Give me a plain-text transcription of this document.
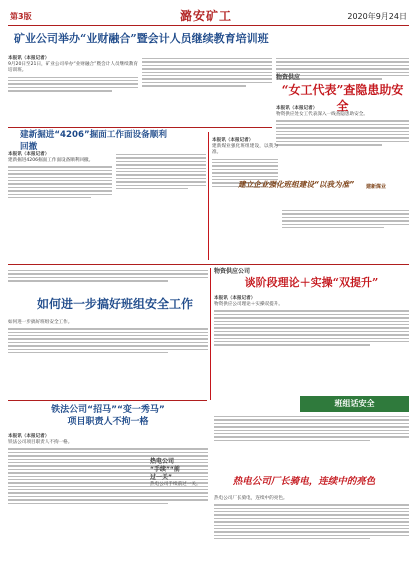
第3版	潞安矿工	2020年9月24日
矿业公司举办“业财融合”暨会计人员继续教育培训班
本报讯（本报记者）
9月20日至21日，矿业公司举办“业财融合”暨会计人员继续教育培训班。
物资供应
“女工代表”查隐患助安全
本报讯（本报记者）
物资供应处女工代表深入一线查隐患助安全。
建新掘进“4206”掘面工作面设备顺利回撤
本报讯（本报记者）
建新掘进4206掘面工作面设备顺利回撤。
本报讯（本报记者）
建新煤业强化班组建设，以我为准。
建立企业强化班组建设“以我为准”	建新煤业
如何进一步搞好班组安全工作
如何进一步搞好班组安全工作。
物资供应公司
谈阶段理论＋实操“双提升”
本报讯（本报记者）
物资供应公司理论＋实操双提升。
铁法公司“招马”“变一秀马”
项目职责人不拘一格
本报讯（本报记者）
铁法公司项目职责人不拘一格。
班组话安全
热电公司厂长骑电，连续中的亮色
热电公司厂长骑电，连续中的亮色。
热电公司
“手续”“前
过一关”
热电公司手续前过一关。
